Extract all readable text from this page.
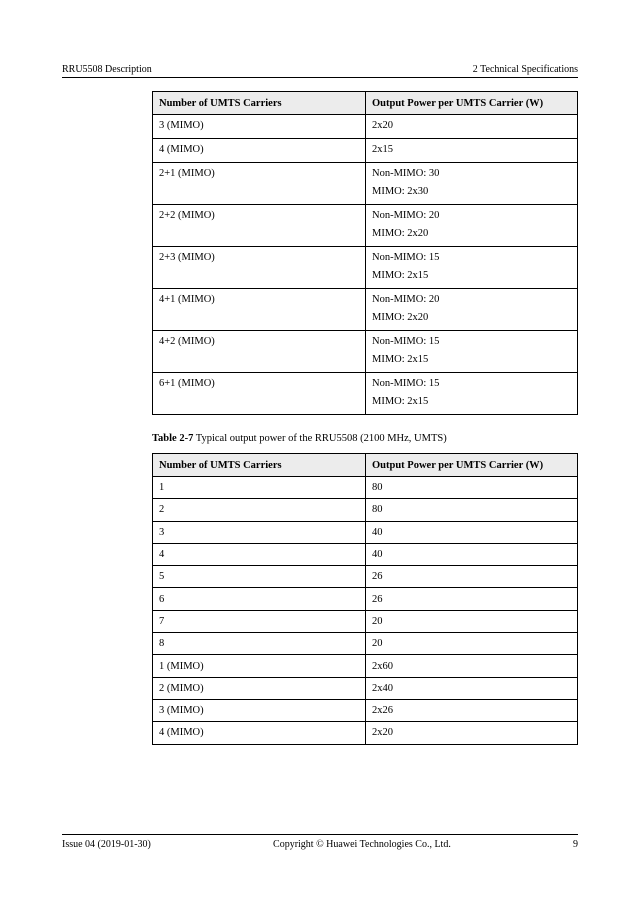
RRU5508 Description	2 Technical Specifications
Number of UMTS Carriers	Output Power per UMTS Carrier (W)
3 (MIMO)	2x20

4 (MIMO)	2x15

2+1 (MIMO)	Non-MIMO: 30
MIMO: 2x30

2+2 (MIMO)	Non-MIMO: 20
MIMO: 2x20

2+3 (MIMO)	Non-MIMO: 15
MIMO: 2x15

4+1 (MIMO)	Non-MIMO: 20
MIMO: 2x20

4+2 (MIMO)	Non-MIMO: 15
MIMO: 2x15

6+1 (MIMO)	Non-MIMO: 15
MIMO: 2x15
Table 2-7 Typical output power of the RRU5508 (2100 MHz, UMTS)
Number of UMTS Carriers	Output Power per UMTS Carrier (W)
1	80
2	80
3	40
4	40
5	26
6	26
7	20
8	20
1 (MIMO)	2x60
2 (MIMO)	2x40
3 (MIMO)	2x26
4 (MIMO)	2x20
Issue 04 (2019-01-30)	Copyright © Huawei Technologies Co., Ltd.	9
